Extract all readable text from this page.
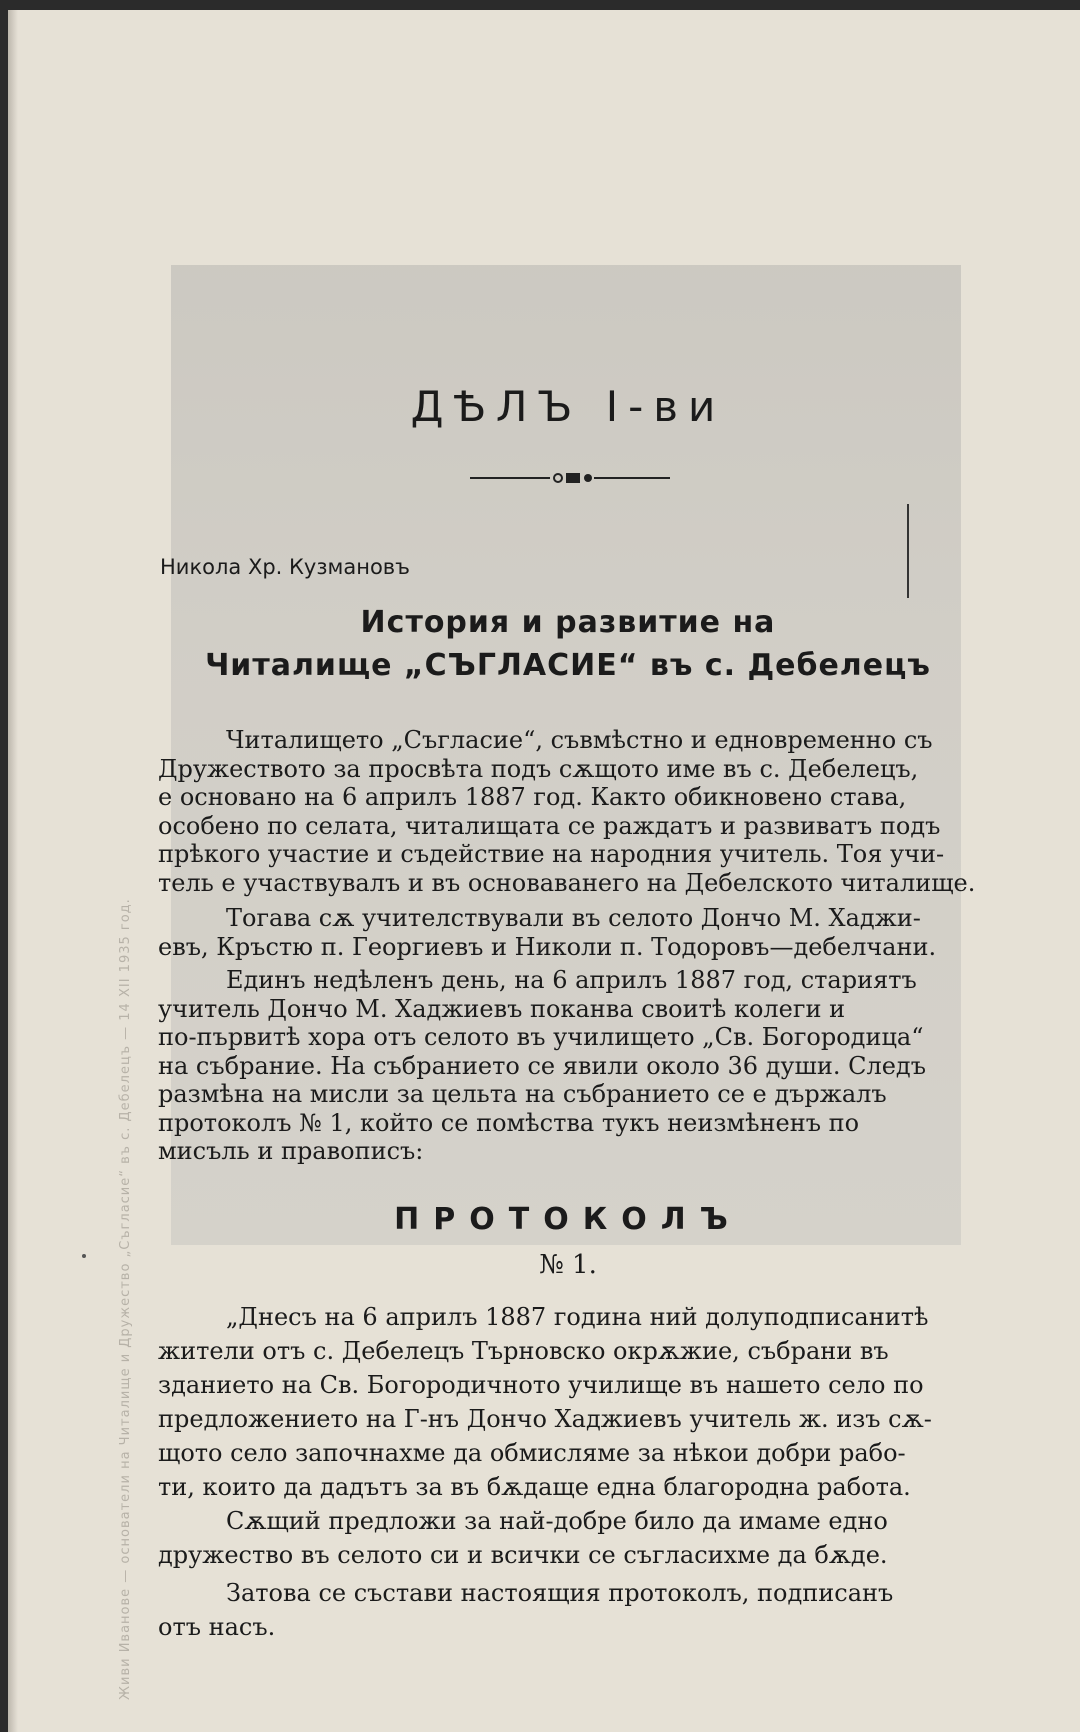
Живи Иванове — основатели на Читалище и Дружество „Съгласие“ въ с. Дебелецъ — 14 XII 1935 год.
ДѢЛЪ I-ви
Никола Хр. Кузмановъ
История и развитие на
Читалище „СЪГЛАСИЕ“ въ с. Дебелецъ
Читалището „Съгласие“, съвмѣстно и едновременно съ
Дружеството за просвѣта подъ сѫщото име въ с. Дебелецъ,
е основано на 6 априлъ 1887 год. Както обикновено става,
особено по селата, читалищата се раждатъ и развиватъ подъ
прѣкого участие и съдействие на народния учитель. Тоя учи-
тель е участвувалъ и въ основаванего на Дебелското читалище.
Тогава сѫ учителствували въ селото Дончо М. Хаджи-
евъ, Кръстю п. Георгиевъ и Николи п. Тодоровъ—дебелчани.
Единъ недѣленъ день, на 6 априлъ 1887 год, стариятъ
учитель Дончо М. Хаджиевъ поканва своитѣ колеги и
по-първитѣ хора отъ селото въ училището „Св. Богородица“
на събрание. На събранието се явили около 36 души. Следъ
размѣна на мисли за цельта на събранието се е държалъ
протоколъ № 1, който се помѣства тукъ неизмѣненъ по
мисъль и правописъ:
ПРОТОКОЛЪ
№ 1.
„Днесъ на 6 априлъ 1887 година ний долуподписанитѣ
жители отъ с. Дебелецъ Търновско окрѫжие, събрани въ
зданието на Св. Богородичното училище въ нашето село по
предложението на Г-нъ Дончо Хаджиевъ учитель ж. изъ сѫ-
щото село започнахме да обмисляме за нѣкои добри рабо-
ти, които да дадътъ за въ бѫдаще една благородна работа.
Сѫщий предложи за най-добре било да имаме едно
дружество въ селото си и всички се съгласихме да бѫде.
Затова се състави настоящия протоколъ, подписанъ
отъ насъ.
